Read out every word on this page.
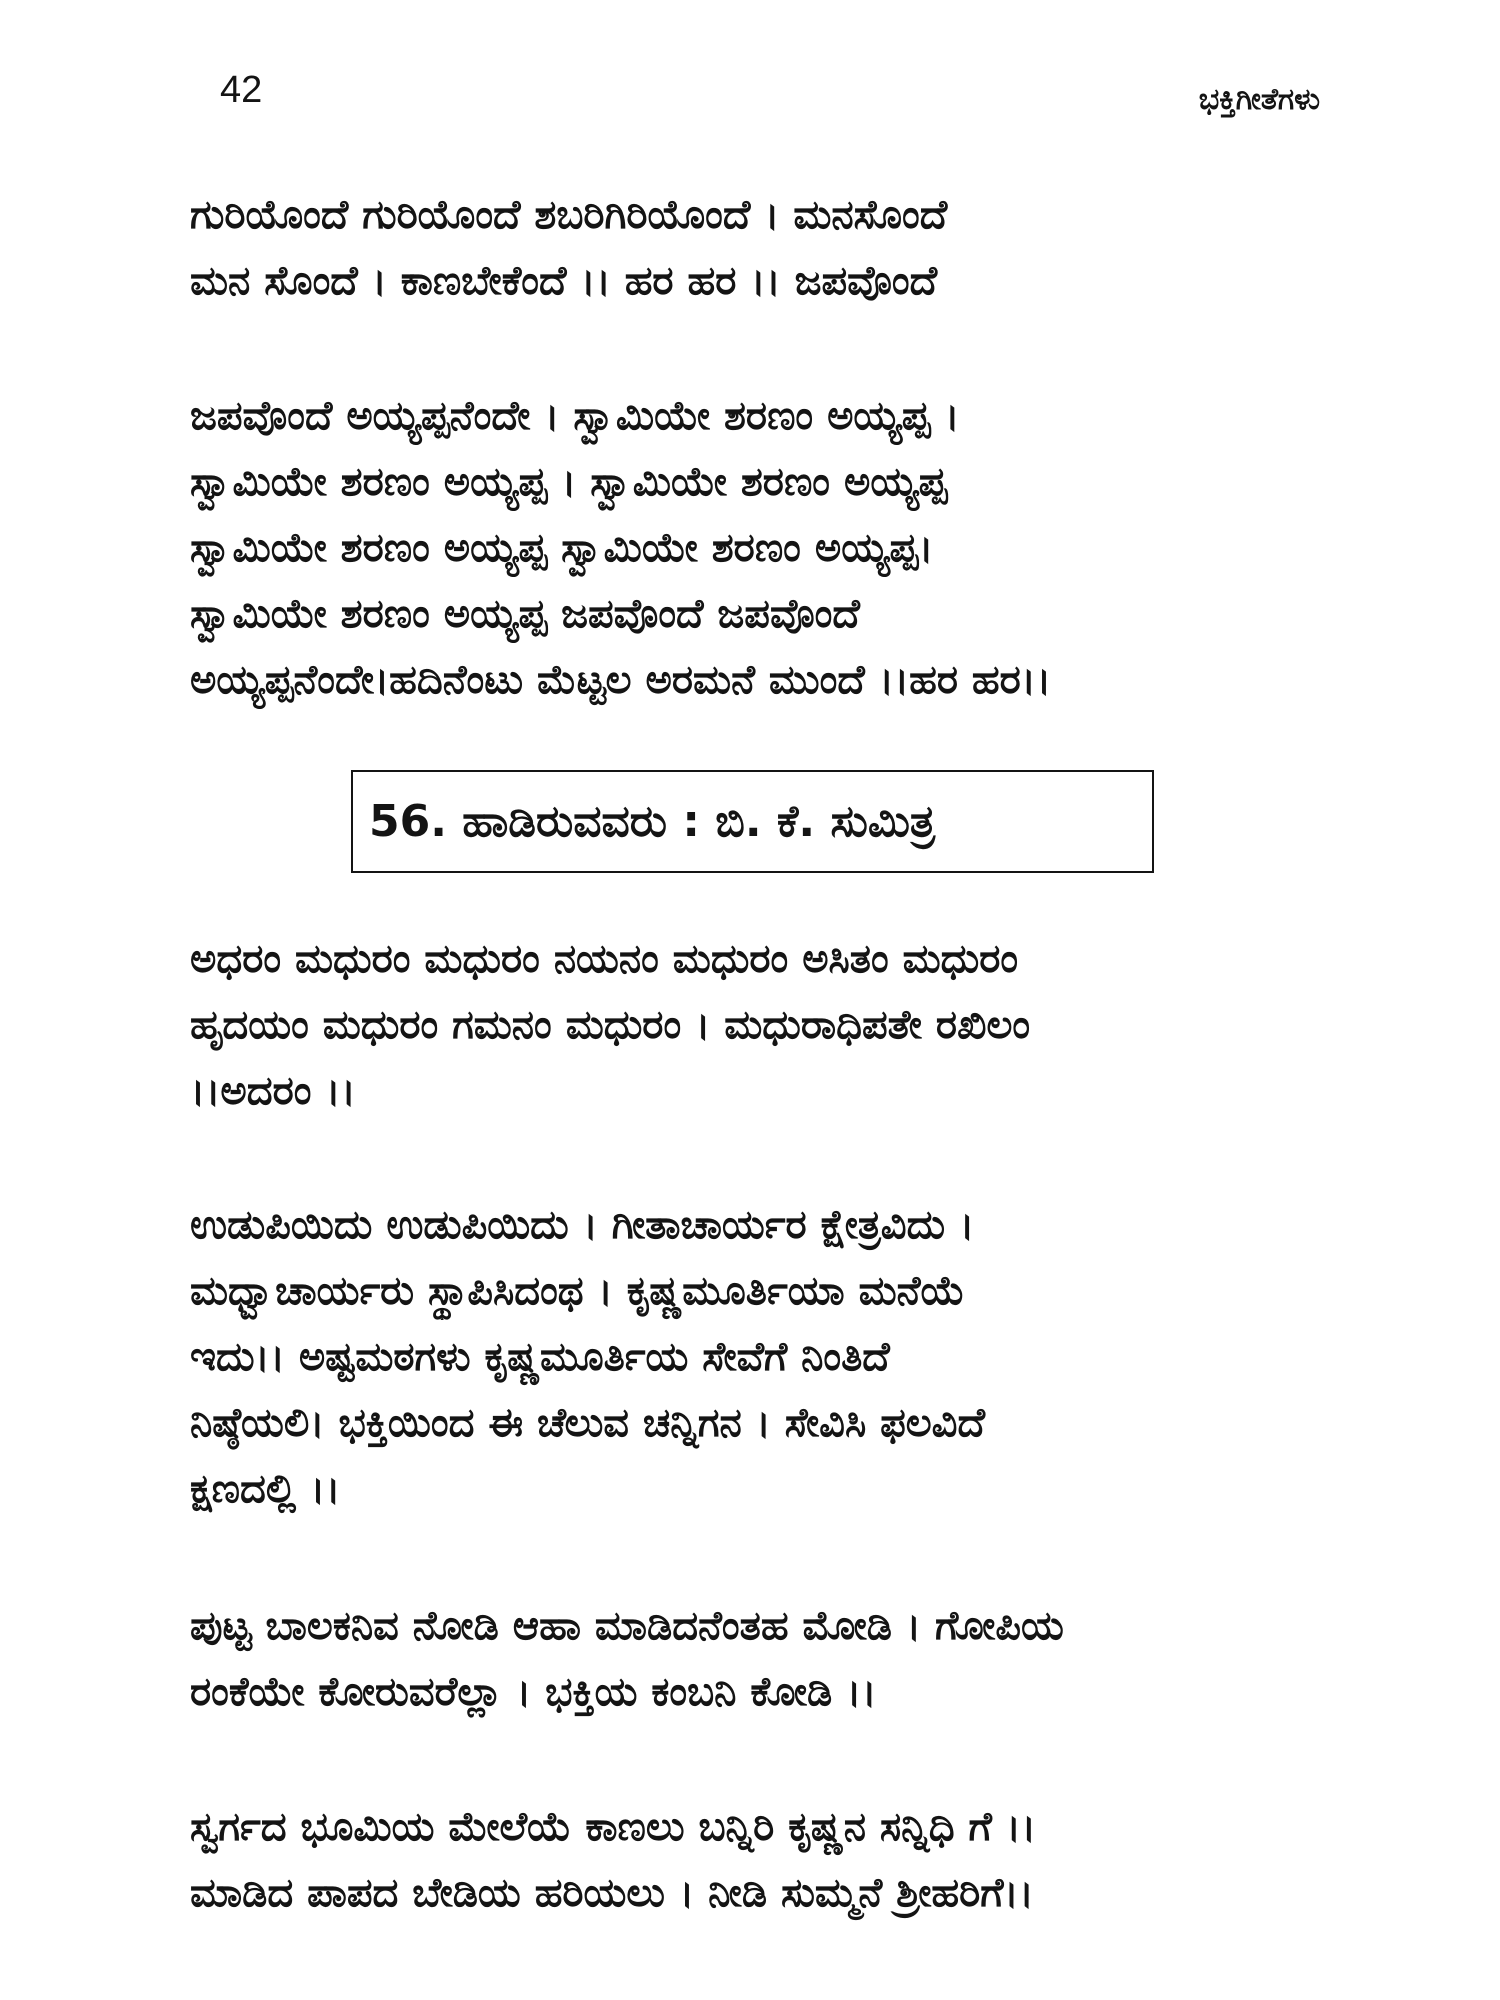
42	ಭಕ್ತಿಗೀತೆಗಳು
ಗುರಿಯೊಂದೆ ಗುರಿಯೊಂದೆ ಶಬರಿಗಿರಿಯೊಂದೆ । ಮನಸೊಂದೆ
ಮನ ಸೊಂದೆ । ಕಾಣಬೇಕೆಂದೆ ।। ಹರ ಹರ ।। ಜಪವೊಂದೆ
ಜಪವೊಂದೆ ಅಯ್ಯಪ್ಪನೆಂದೇ । ಸ್ವಾಮಿಯೇ ಶರಣಂ ಅಯ್ಯಪ್ಪ ।
ಸ್ವಾಮಿಯೇ ಶರಣಂ ಅಯ್ಯಪ್ಪ । ಸ್ವಾಮಿಯೇ ಶರಣಂ ಅಯ್ಯಪ್ಪ
ಸ್ವಾಮಿಯೇ ಶರಣಂ ಅಯ್ಯಪ್ಪ ಸ್ವಾಮಿಯೇ ಶರಣಂ ಅಯ್ಯಪ್ಪ।
ಸ್ವಾಮಿಯೇ ಶರಣಂ ಅಯ್ಯಪ್ಪ ಜಪವೊಂದೆ ಜಪವೊಂದೆ
ಅಯ್ಯಪ್ಪನೆಂದೇ।ಹದಿನೆಂಟು ಮೆಟ್ಟಲ ಅರಮನೆ ಮುಂದೆ ।।ಹರ ಹರ।।
56. ಹಾಡಿರುವವರು : ಬಿ. ಕೆ. ಸುಮಿತ್ರ
ಅಧರಂ ಮಧುರಂ ಮಧುರಂ ನಯನಂ ಮಧುರಂ ಅಸಿತಂ ಮಧುರಂ
ಹೃದಯಂ ಮಧುರಂ ಗಮನಂ ಮಧುರಂ । ಮಧುರಾಧಿಪತೇ ರಖಿಲಂ
।।ಅದರಂ ।।
ಉಡುಪಿಯಿದು ಉಡುಪಿಯಿದು । ಗೀತಾಚಾರ್ಯರ ಕ್ಷೇತ್ರವಿದು ।
ಮಧ್ವಾಚಾರ್ಯರು ಸ್ಥಾಪಿಸಿದಂಥ । ಕೃಷ್ಣಮೂರ್ತಿಯಾ ಮನೆಯೆ
ಇದು।। ಅಷ್ಟಮಠಗಳು ಕೃಷ್ಣಮೂರ್ತಿಯ ಸೇವೆಗೆ ನಿಂತಿದೆ
ನಿಷ್ಠೆಯಲಿ। ಭಕ್ತಿಯಿಂದ ಈ ಚೆಲುವ ಚನ್ನಿಗನ । ಸೇವಿಸಿ ಫಲವಿದೆ
ಕ್ಷಣದಲ್ಲಿ ।।
ಪುಟ್ಟ ಬಾಲಕನಿವ ನೋಡಿ ಆಹಾ ಮಾಡಿದನೆಂತಹ ಮೋಡಿ । ಗೋಪಿಯ
ರಂಕೆಯೇ ಕೋರುವರೆಲ್ಲಾ । ಭಕ್ತಿಯ ಕಂಬನಿ ಕೋಡಿ ।।
ಸ್ವರ್ಗದ ಭೂಮಿಯ ಮೇಲೆಯೆ ಕಾಣಲು ಬನ್ನಿರಿ ಕೃಷ್ಣನ ಸನ್ನಿಧಿ ಗೆ ।।
ಮಾಡಿದ ಪಾಪದ ಬೇಡಿಯ ಹರಿಯಲು । ನೀಡಿ ಸುಮ್ಮನೆ ಶ್ರೀಹರಿಗೆ।।
